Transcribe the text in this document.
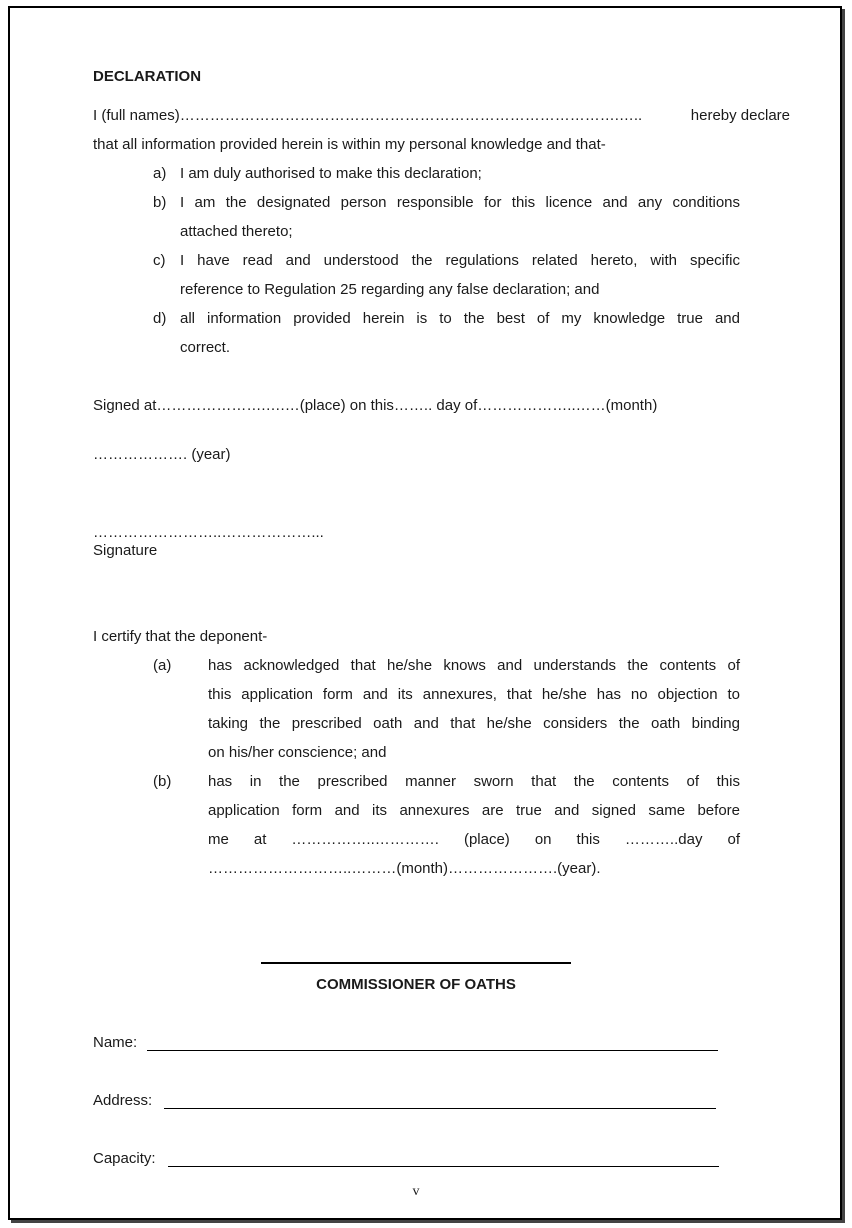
DECLARATION
I (full names)…………………………………………………………………………….…..	hereby declare
that all information provided herein is within my personal knowledge and that-
a) I am duly authorised to make this declaration;
b) I am the designated person responsible for this licence and any conditions
attached thereto;
c) I have read and understood the regulations related hereto, with specific
reference to Regulation 25 regarding any false declaration; and
d) all information provided herein is to the best of my knowledge true and
correct.
Signed at………………….….…(place) on this…….. day of………………..……(month)
………………. (year)
……………………..………………...
Signature
I certify that the deponent-
(a) has acknowledged that he/she knows and understands the contents of
this application form and its annexures, that he/she has no objection to
taking the prescribed oath and that he/she considers the oath binding
on his/her conscience; and
(b) has in the prescribed manner sworn that the contents of this
application form and its annexures are true and signed same before
me at ……………..…………. (place) on this ………..day of
………………………..………(month)………………….(year).
COMMISSIONER OF OATHS
Name:
Address:
Capacity:
v
